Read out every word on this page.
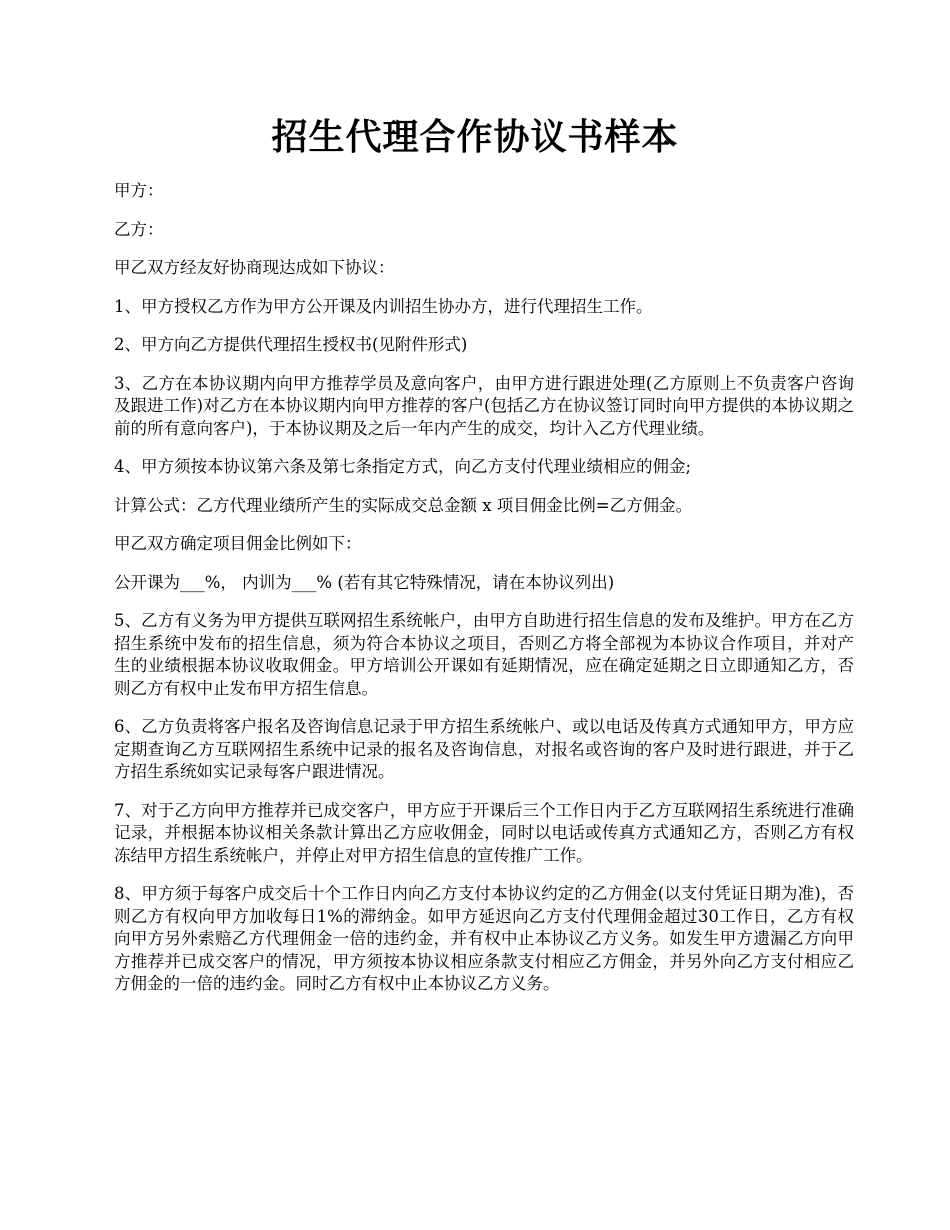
招生代理合作协议书样本

甲方：

乙方：

甲乙双方经友好协商现达成如下协议：

1、甲方授权乙方作为甲方公开课及内训招生协办方，进行代理招生工作。

2、甲方向乙方提供代理招生授权书(见附件形式)

3、乙方在本协议期内向甲方推荐学员及意向客户，由甲方进行跟进处理(乙方原则上不负责客户咨询及跟进工作)对乙方在本协议期内向甲方推荐的客户(包括乙方在协议签订同时向甲方提供的本协议期之前的所有意向客户)，于本协议期及之后一年内产生的成交，均计入乙方代理业绩。

4、甲方须按本协议第六条及第七条指定方式，向乙方支付代理业绩相应的佣金;

计算公式：乙方代理业绩所产生的实际成交总金额 x 项目佣金比例=乙方佣金。

甲乙双方确定项目佣金比例如下：

公开课为___%， 内训为___% (若有其它特殊情况，请在本协议列出)

5、乙方有义务为甲方提供互联网招生系统帐户，由甲方自助进行招生信息的发布及维护。甲方在乙方招生系统中发布的招生信息，须为符合本协议之项目，否则乙方将全部视为本协议合作项目，并对产生的业绩根据本协议收取佣金。甲方培训公开课如有延期情况，应在确定延期之日立即通知乙方，否则乙方有权中止发布甲方招生信息。

6、乙方负责将客户报名及咨询信息记录于甲方招生系统帐户、或以电话及传真方式通知甲方，甲方应定期查询乙方互联网招生系统中记录的报名及咨询信息，对报名或咨询的客户及时进行跟进，并于乙方招生系统如实记录每客户跟进情况。

7、对于乙方向甲方推荐并已成交客户，甲方应于开课后三个工作日内于乙方互联网招生系统进行准确记录，并根据本协议相关条款计算出乙方应收佣金，同时以电话或传真方式通知乙方，否则乙方有权冻结甲方招生系统帐户，并停止对甲方招生信息的宣传推广工作。

8、甲方须于每客户成交后十个工作日内向乙方支付本协议约定的乙方佣金(以支付凭证日期为准)，否则乙方有权向甲方加收每日1%的滞纳金。如甲方延迟向乙方支付代理佣金超过30工作日，乙方有权向甲方另外索赔乙方代理佣金一倍的违约金，并有权中止本协议乙方义务。如发生甲方遗漏乙方向甲方推荐并已成交客户的情况，甲方须按本协议相应条款支付相应乙方佣金，并另外向乙方支付相应乙方佣金的一倍的违约金。同时乙方有权中止本协议乙方义务。
